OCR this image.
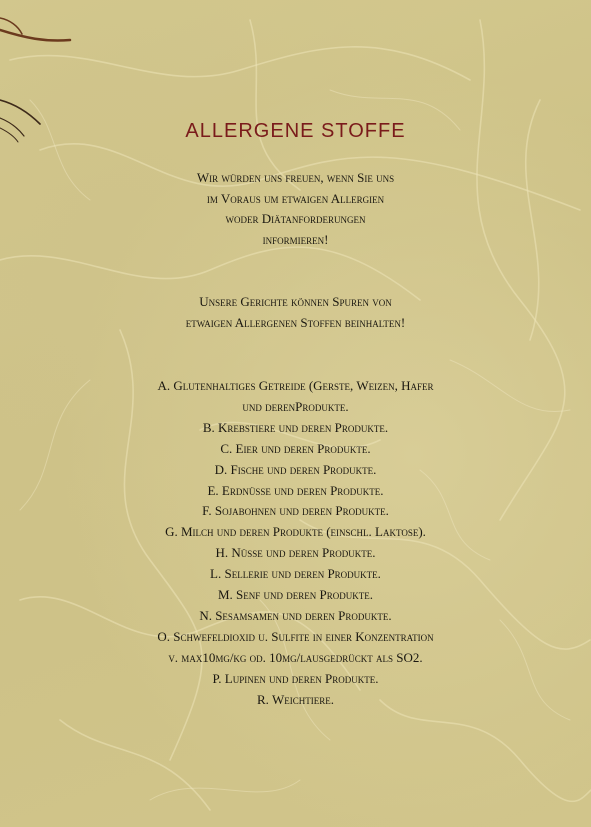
ALLERGENE STOFFE
Wir würden uns freuen, wenn Sie uns
im Voraus um etwaigen Allergien
woder Diätanforderungen
informieren!
Unsere Gerichte können Spuren von
etwaigen Allergenen Stoffen beinhalten!
A. Glutenhaltiges Getreide (Gerste, Weizen, Hafer
und derenProdukte.
B. Krebstiere und deren Produkte.
C. Eier und deren Produkte.
D. Fische und deren Produkte.
E. Erdnüsse und deren Produkte.
F. Sojabohnen und deren Produkte.
G. Milch und deren Produkte (einschl. Laktose).
H. Nüsse und deren Produkte.
L. Sellerie und deren Produkte.
M. Senf und deren Produkte.
N. Sesamsamen und deren Produkte.
O. Schwefeldioxid u. Sulfite in einer Konzentration
v. max10mg/kg od. 10mg/lausgedrückt als SO2.
P. Lupinen und deren Produkte.
R. Weichtiere.
